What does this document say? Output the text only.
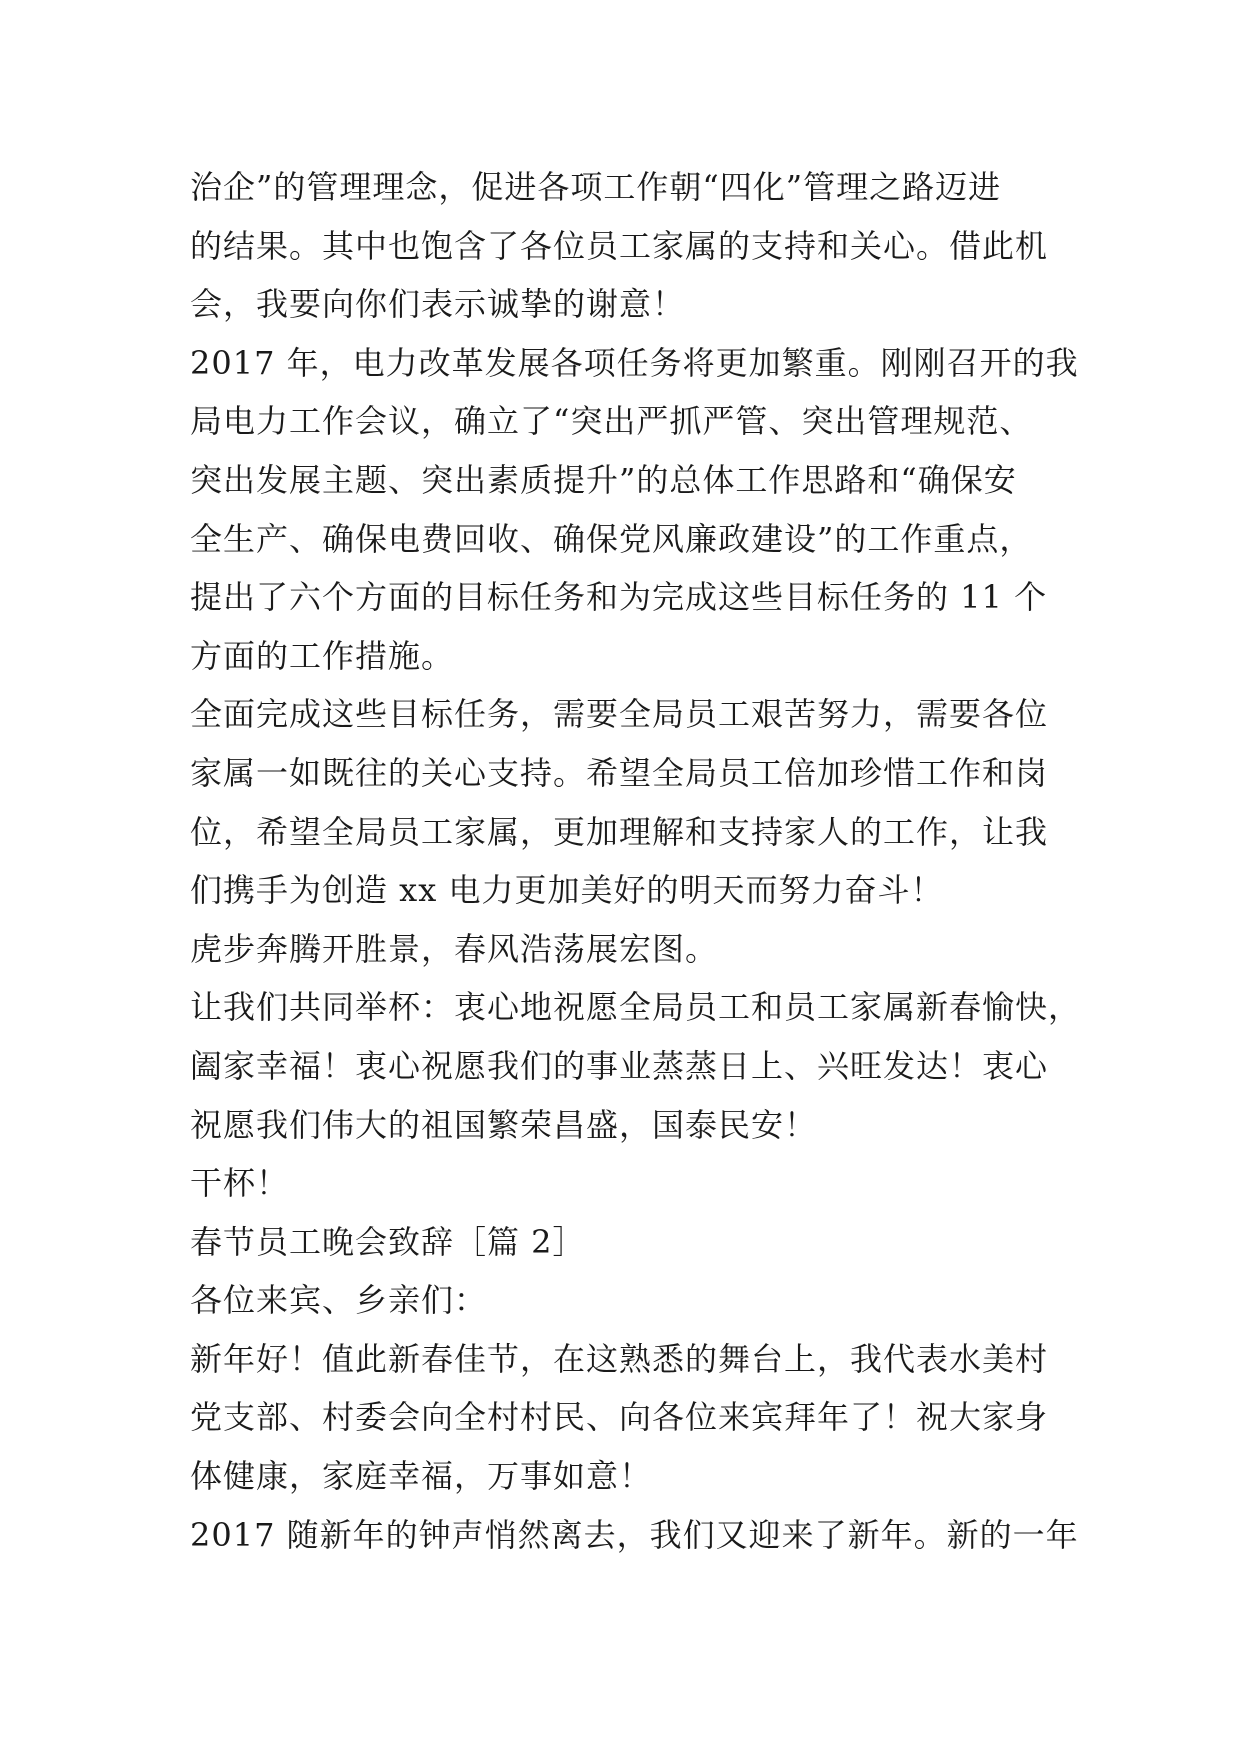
治企”的管理理念，促进各项工作朝“四化”管理之路迈进
的结果。其中也饱含了各位员工家属的支持和关心。借此机
会，我要向你们表示诚挚的谢意！
2017 年，电力改革发展各项任务将更加繁重。刚刚召开的我
局电力工作会议，确立了“突出严抓严管、突出管理规范、
突出发展主题、突出素质提升”的总体工作思路和“确保安
全生产、确保电费回收、确保党风廉政建设”的工作重点，
提出了六个方面的目标任务和为完成这些目标任务的 11 个
方面的工作措施。
全面完成这些目标任务，需要全局员工艰苦努力，需要各位
家属一如既往的关心支持。希望全局员工倍加珍惜工作和岗
位，希望全局员工家属，更加理解和支持家人的工作，让我
们携手为创造 xx 电力更加美好的明天而努力奋斗！
虎步奔腾开胜景，春风浩荡展宏图。
让我们共同举杯：衷心地祝愿全局员工和员工家属新春愉快，
阖家幸福！衷心祝愿我们的事业蒸蒸日上、兴旺发达！衷心
祝愿我们伟大的祖国繁荣昌盛，国泰民安！
干杯！
春节员工晚会致辞［篇 2］
各位来宾、乡亲们：
新年好！值此新春佳节，在这熟悉的舞台上，我代表水美村
党支部、村委会向全村村民、向各位来宾拜年了！祝大家身
体健康，家庭幸福，万事如意！
2017 随新年的钟声悄然离去，我们又迎来了新年。新的一年
